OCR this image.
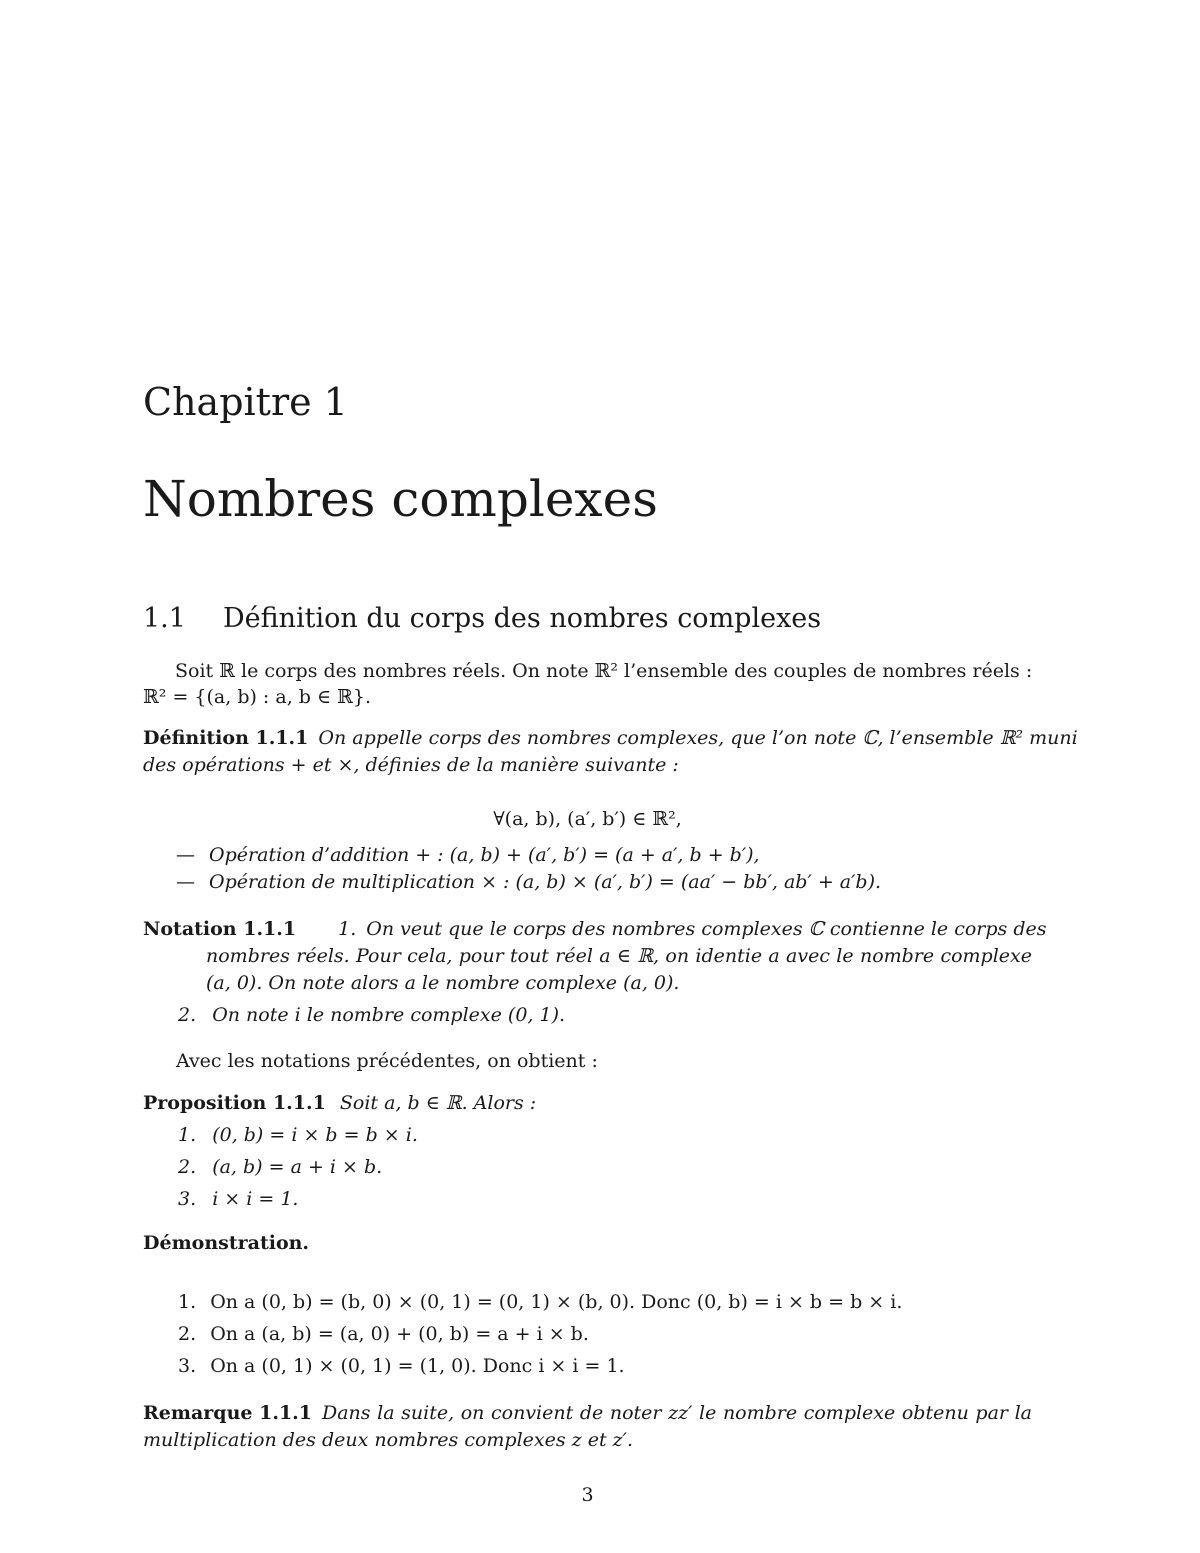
Chapitre 1
Nombres complexes
1.1 Définition du corps des nombres complexes
Soit ℝ le corps des nombres réels. On note ℝ² l’ensemble des couples de nombres réels :
ℝ² = {(a, b) : a, b ∈ ℝ}.
Définition 1.1.1 On appelle corps des nombres complexes, que l’on note ℂ, l’ensemble ℝ² muni
des opérations + et ×, définies de la manière suivante :
∀(a, b), (a′, b′) ∈ ℝ²,
— Opération d’addition + : (a, b) + (a′, b′) = (a + a′, b + b′),
— Opération de multiplication × : (a, b) × (a′, b′) = (aa′ − bb′, ab′ + a′b).
Notation 1.1.1 1. On veut que le corps des nombres complexes ℂ contienne le corps des
nombres réels. Pour cela, pour tout réel a ∈ ℝ, on identie a avec le nombre complexe
(a, 0). On note alors a le nombre complexe (a, 0).
2. On note i le nombre complexe (0, 1).
Avec les notations précédentes, on obtient :
Proposition 1.1.1 Soit a, b ∈ ℝ. Alors :
1. (0, b) = i × b = b × i.
2. (a, b) = a + i × b.
3. i × i = 1.
Démonstration.
1. On a (0, b) = (b, 0) × (0, 1) = (0, 1) × (b, 0). Donc (0, b) = i × b = b × i.
2. On a (a, b) = (a, 0) + (0, b) = a + i × b.
3. On a (0, 1) × (0, 1) = (1, 0). Donc i × i = 1.
Remarque 1.1.1 Dans la suite, on convient de noter zz′ le nombre complexe obtenu par la
multiplication des deux nombres complexes z et z′.
3
